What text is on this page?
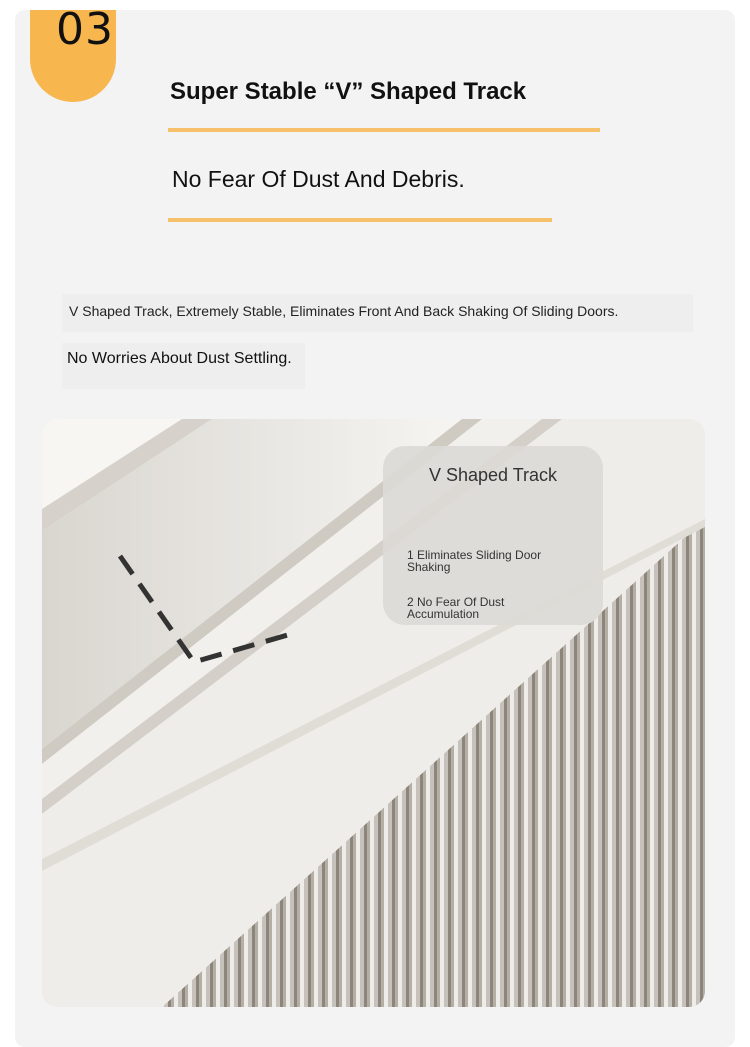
03
Super Stable “V” Shaped Track
No Fear Of Dust And Debris.
V Shaped Track, Extremely Stable, Eliminates Front And Back Shaking Of Sliding Doors.
No Worries About Dust Settling.
V Shaped Track
1 Eliminates Sliding Door Shaking
2 No Fear Of Dust Accumulation
